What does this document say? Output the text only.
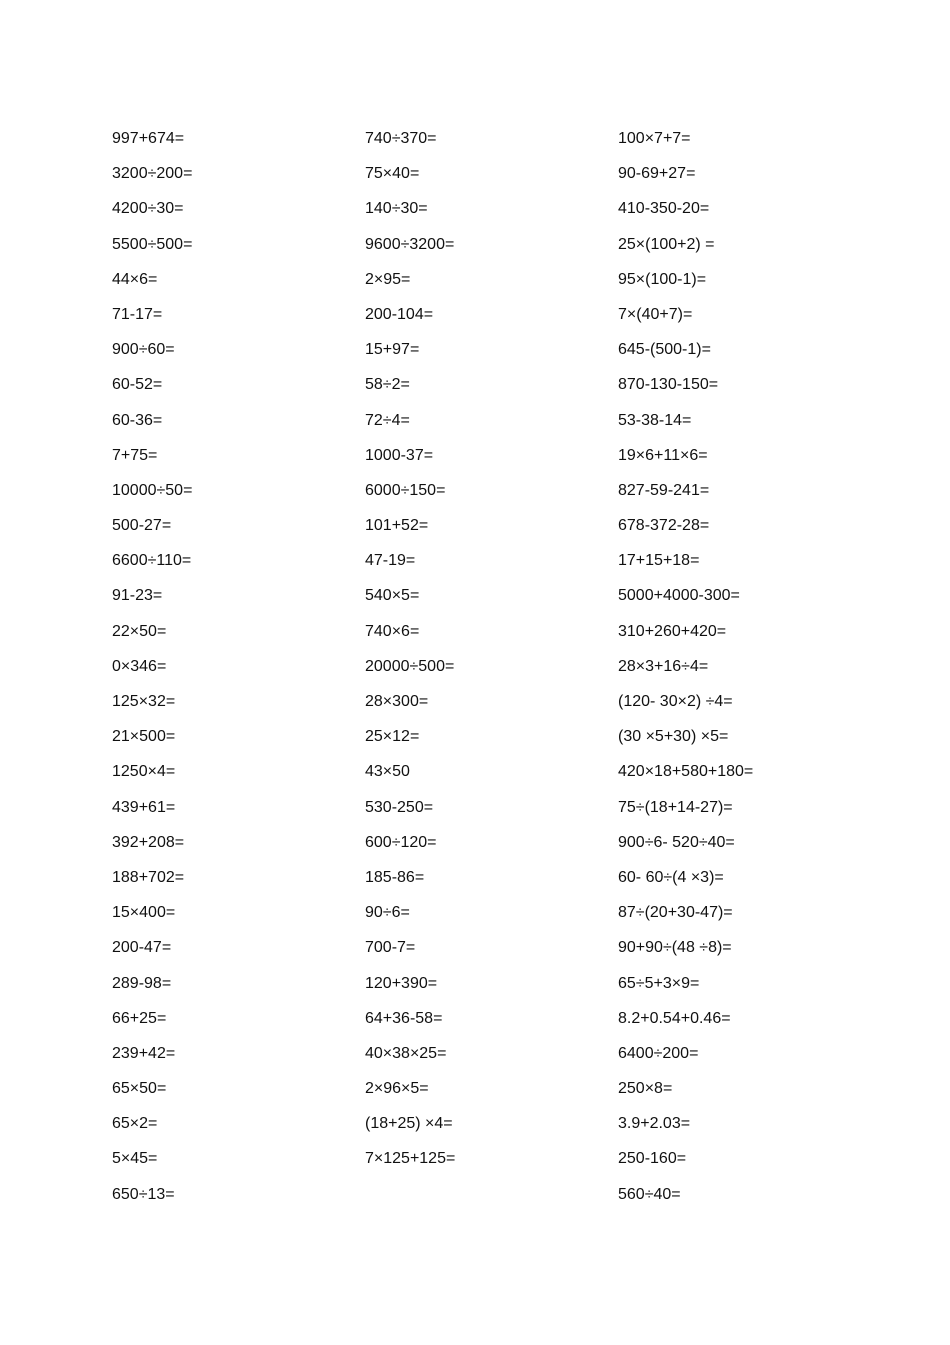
997+674=
3200÷200=
4200÷30=
5500÷500=
44×6=
71-17=
900÷60=
60-52=
60-36=
7+75=
10000÷50=
500-27=
6600÷110=
91-23=
22×50=
0×346=
125×32=
21×500=
1250×4=
439+61=
392+208=
188+702=
15×400=
200-47=
289-98=
66+25=
239+42=
65×50=
65×2=
5×45=
650÷13=
740÷370=
75×40=
140÷30=
9600÷3200=
2×95=
200-104=
15+97=
58÷2=
72÷4=
1000-37=
6000÷150=
101+52=
47-19=
540×5=
740×6=
20000÷500=
28×300=
25×12=
43×50
530-250=
600÷120=
185-86=
90÷6=
700-7=
120+390=
64+36-58=
40×38×25=
2×96×5=
(18+25) ×4=
7×125+125=
100×7+7=
90-69+27=
410-350-20=
25×(100+2) =
95×(100-1)=
7×(40+7)=
645-(500-1)=
870-130-150=
53-38-14=
19×6+11×6=
827-59-241=
678-372-28=
17+15+18=
5000+4000-300=
310+260+420=
28×3+16÷4=
(120- 30×2) ÷4=
(30 ×5+30) ×5=
420×18+580+180=
75÷(18+14-27)=
900÷6- 520÷40=
60- 60÷(4 ×3)=
87÷(20+30-47)=
90+90÷(48 ÷8)=
65÷5+3×9=
8.2+0.54+0.46=
6400÷200=
250×8=
3.9+2.03=
250-160=
560÷40=
